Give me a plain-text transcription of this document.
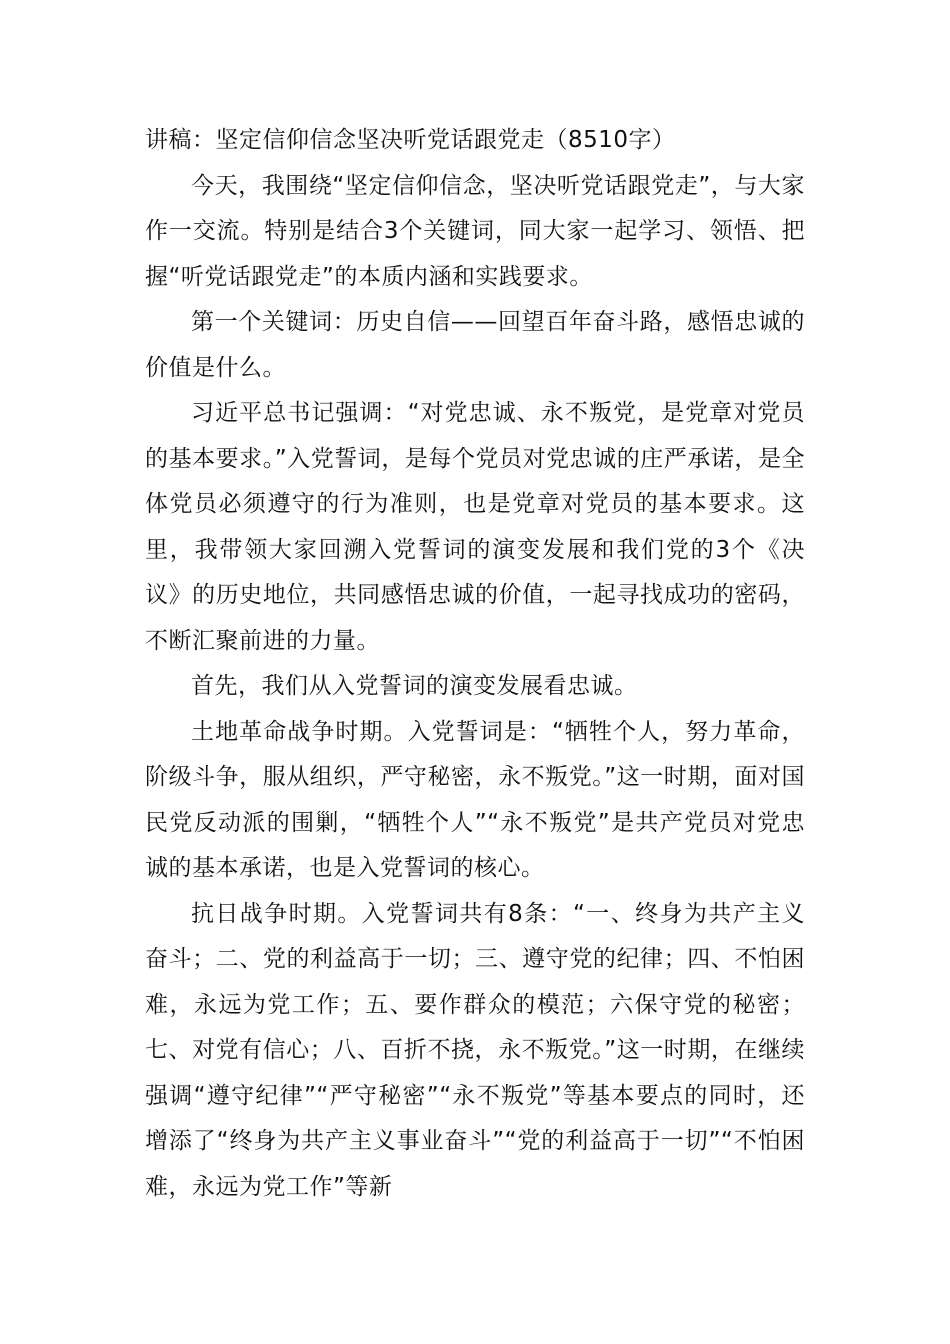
讲稿：坚定信仰信念坚决听党话跟党走（8510字）

今天，我围绕“坚定信仰信念，坚决听党话跟党走”，与大家作一交流。特别是结合3个关键词，同大家一起学习、领悟、把握“听党话跟党走”的本质内涵和实践要求。

第一个关键词：历史自信——回望百年奋斗路，感悟忠诚的价值是什么。

习近平总书记强调：“对党忠诚、永不叛党，是党章对党员的基本要求。”入党誓词，是每个党员对党忠诚的庄严承诺，是全体党员必须遵守的行为准则，也是党章对党员的基本要求。这里，我带领大家回溯入党誓词的演变发展和我们党的3个《决议》的历史地位，共同感悟忠诚的价值，一起寻找成功的密码，不断汇聚前进的力量。

首先，我们从入党誓词的演变发展看忠诚。

土地革命战争时期。入党誓词是：“牺牲个人，努力革命，阶级斗争，服从组织，严守秘密，永不叛党。”这一时期，面对国民党反动派的围剿，“牺牲个人”“永不叛党”是共产党员对党忠诚的基本承诺，也是入党誓词的核心。

抗日战争时期。入党誓词共有8条：“一、终身为共产主义奋斗；二、党的利益高于一切；三、遵守党的纪律；四、不怕困难，永远为党工作；五、要作群众的模范；六保守党的秘密；七、对党有信心；八、百折不挠，永不叛党。”这一时期，在继续强调“遵守纪律”“严守秘密”“永不叛党”等基本要点的同时，还增添了“终身为共产主义事业奋斗”“党的利益高于一切”“不怕困难，永远为党工作”等新
